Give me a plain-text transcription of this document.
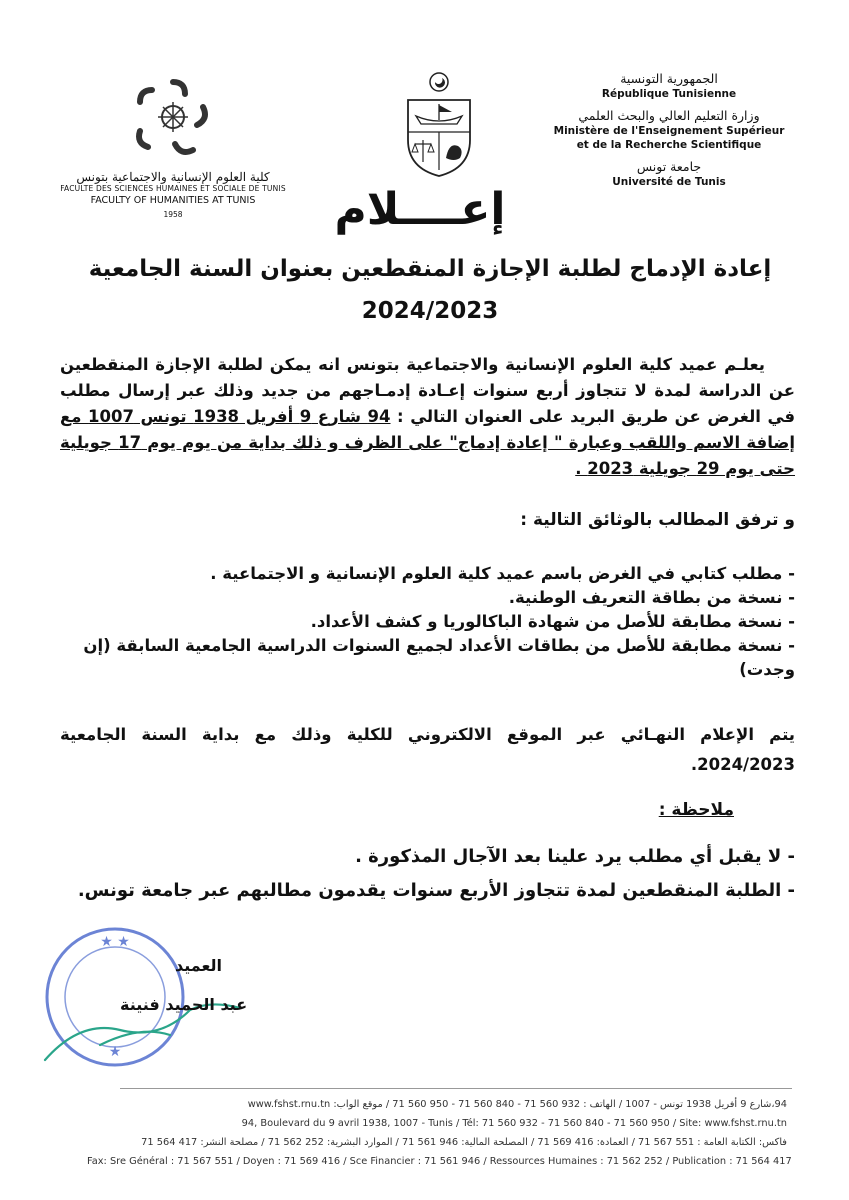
الجمهورية التونسية
République Tunisienne
وزارة التعليم العالي والبحث العلمي
Ministère de l'Enseignement Supérieur
et de la Recherche Scientifique
جامعة تونس
Université de Tunis
كلية العلوم الإنسانية والاجتماعية بتونس
FACULTE DES SCIENCES HUMAINES ET SOCIALE DE TUNIS
FACULTY OF HUMANITIES AT TUNIS
1958	إعــــلام
إعادة الإدماج لطلبة الإجازة المنقطعين بعنوان السنة الجامعية
2024/2023
يعلـم عميد كلية العلوم الإنسانية والاجتماعية بتونس انه يمكن لطلبة الإجازة المنقطعين عن الدراسة لمدة لا تتجاوز أربع سنوات إعـادة إدمـاجهم من جديد وذلك عبر إرسال مطلب في الغرض عن طريق البريد على العنوان التالي : 94 شارع 9 أفريل 1938 تونس 1007 مع إضافة الاسم واللقب وعبارة " إعادة إدماج" على الظرف و ذلك بداية من يوم يوم 17 جويلية حتى يوم 29 جويلية 2023 .
و ترفق المطالب بالوثائق التالية :
- مطلب كتابي في الغرض باسم عميد كلية العلوم الإنسانية و الاجتماعية .
- نسخة من بطاقة التعريف الوطنية.
- نسخة مطابقة للأصل من شهادة الباكالوريا و كشف الأعداد.
- نسخة مطابقة للأصل من بطاقات الأعداد لجميع السنوات الدراسية الجامعية السابقة (إن وجدت)
يتم الإعلام النهـائي عبر الموقع الالكتروني للكلية وذلك مع بداية السنة الجامعية 2024/2023.
ملاحظة :
- لا يقبل أي مطلب يرد علينا بعد الآجال المذكورة .
- الطلبة المنقطعين لمدة تتجاوز الأربع سنوات يقدمون مطالبهم عبر جامعة تونس.
★ ★
★
العميد
عبد الحميد فنينة
94،شارع 9 أفريل 1938 تونس - 1007 / الهاتف : 932 560 71 - 840 560 71 - 950 560 71 / موقع الواب: www.fshst.rnu.tn
94, Boulevard du 9 avril 1938, 1007 - Tunis / Tél: 71 560 932 - 71 560 840 - 71 560 950 / Site: www.fshst.rnu.tn
فاكس: الكتابة العامة : 551 567 71 / العمادة: 416 569 71 / المصلحة المالية: 946 561 71 / الموارد البشرية: 252 562 71 / مصلحة النشر: 417 564 71
Fax: Sre Général : 71 567 551 / Doyen : 71 569 416 / Sce Financier : 71 561 946 / Ressources Humaines : 71 562 252 / Publication : 71 564 417
